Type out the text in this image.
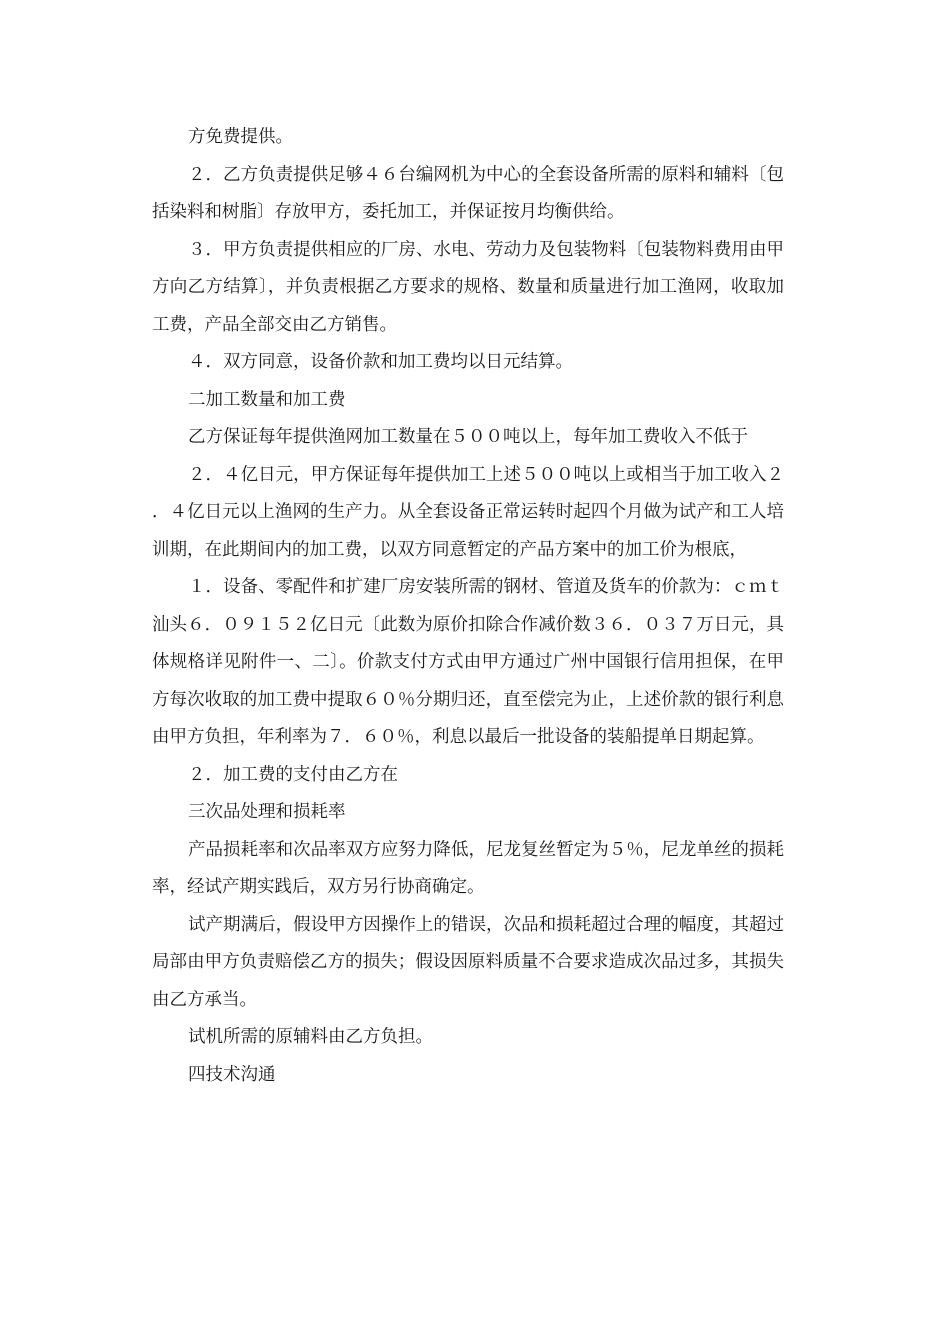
方免费提供。

２．乙方负责提供足够４６台编网机为中心的全套设备所需的原料和辅料〔包括染料和树脂〕存放甲方，委托加工，并保证按月均衡供给。

３．甲方负责提供相应的厂房、水电、劳动力及包装物料〔包装物料费用由甲方向乙方结算〕，并负责根据乙方要求的规格、数量和质量进行加工渔网，收取加工费，产品全部交由乙方销售。

４．双方同意，设备价款和加工费均以日元结算。

二加工数量和加工费

乙方保证每年提供渔网加工数量在５００吨以上，每年加工费收入不低于

２．４亿日元，甲方保证每年提供加工上述５００吨以上或相当于加工收入２．４亿日元以上渔网的生产力。从全套设备正常运转时起四个月做为试产和工人培训期，在此期间内的加工费，以双方同意暂定的产品方案中的加工价为根底，

１．设备、零配件和扩建厂房安装所需的钢材、管道及货车的价款为：ｃｍｔ汕头６．０９１５２亿日元〔此数为原价扣除合作减价数３６．０３７万日元，具体规格详见附件一、二〕。价款支付方式由甲方通过广州中国银行信用担保，在甲方每次收取的加工费中提取６０％分期归还，直至偿完为止，上述价款的银行利息由甲方负担，年利率为７．６０％，利息以最后一批设备的装船提单日期起算。

２．加工费的支付由乙方在

三次品处理和损耗率

产品损耗率和次品率双方应努力降低，尼龙复丝暂定为５％，尼龙单丝的损耗率，经试产期实践后，双方另行协商确定。

试产期满后，假设甲方因操作上的错误，次品和损耗超过合理的幅度，其超过局部由甲方负责赔偿乙方的损失；假设因原料质量不合要求造成次品过多，其损失由乙方承当。

试机所需的原辅料由乙方负担。

四技术沟通
